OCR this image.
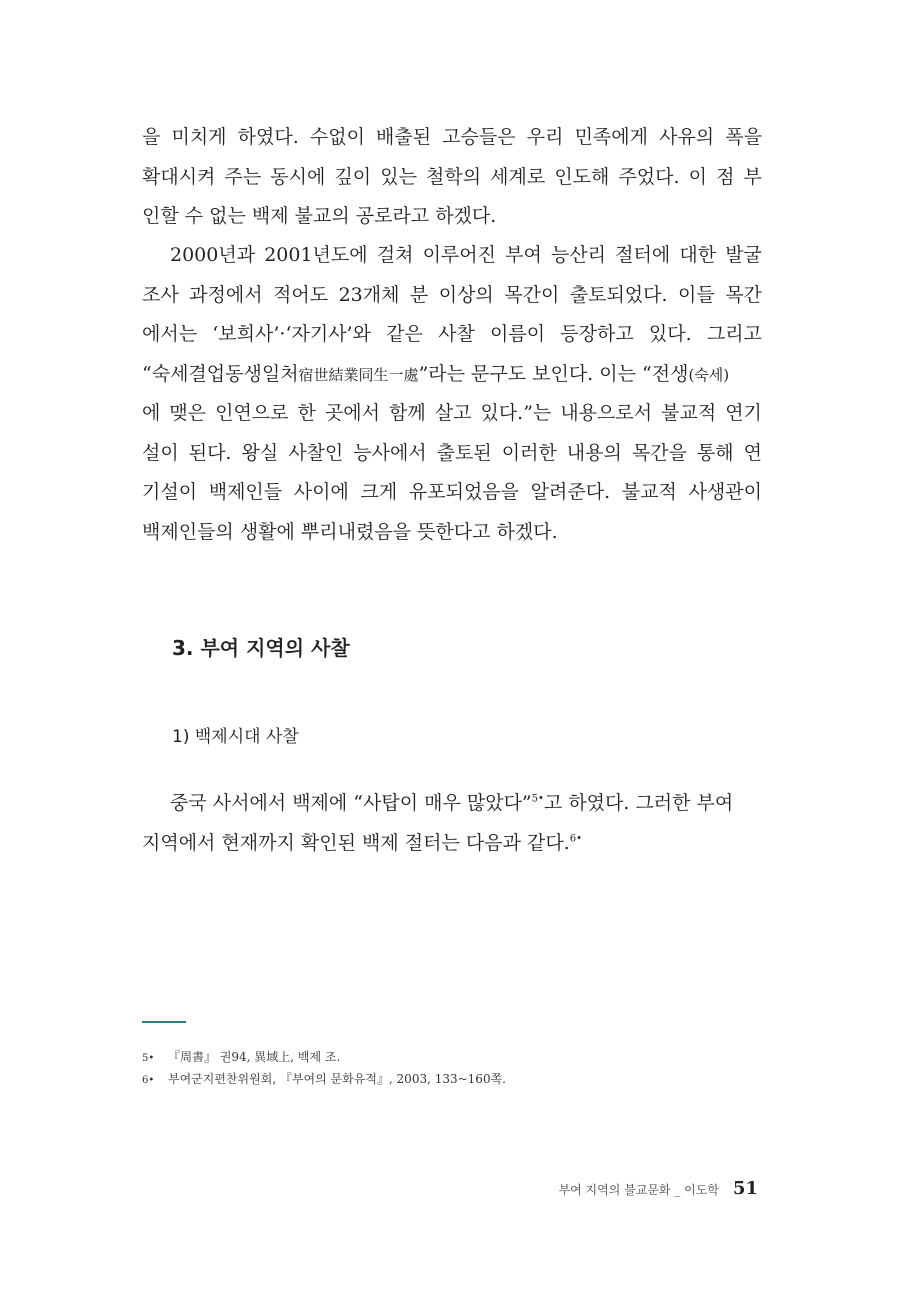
을 미치게 하였다. 수없이 배출된 고승들은 우리 민족에게 사유의 폭을
확대시켜 주는 동시에 깊이 있는 철학의 세계로 인도해 주었다. 이 점 부
인할 수 없는 백제 불교의 공로라고 하겠다.
2000년과 2001년도에 걸쳐 이루어진 부여 능산리 절터에 대한 발굴
조사 과정에서 적어도 23개체 분 이상의 목간이 출토되었다. 이들 목간
에서는 ‘보희사’·‘자기사’와 같은 사찰 이름이 등장하고 있다. 그리고
“숙세결업동생일처宿世結業同生一處”라는 문구도 보인다. 이는 “전생(숙세)
에 맺은 인연으로 한 곳에서 함께 살고 있다.”는 내용으로서 불교적 연기
설이 된다. 왕실 사찰인 능사에서 출토된 이러한 내용의 목간을 통해 연
기설이 백제인들 사이에 크게 유포되었음을 알려준다. 불교적 사생관이
백제인들의 생활에 뿌리내렸음을 뜻한다고 하겠다.
3. 부여 지역의 사찰
1) 백제시대 사찰
중국 사서에서 백제에 “사탑이 매우 많았다”$^{5•}$고 하였다. 그러한 부여
지역에서 현재까지 확인된 백제 절터는 다음과 같다.$^{6•}$
5• 『周書』 권94, 異域上, 백제 조.
6• 부여군지편찬위원회, 『부여의 문화유적』, 2003, 133~160쪽.
부여 지역의 불교문화 _ 이도학 51
